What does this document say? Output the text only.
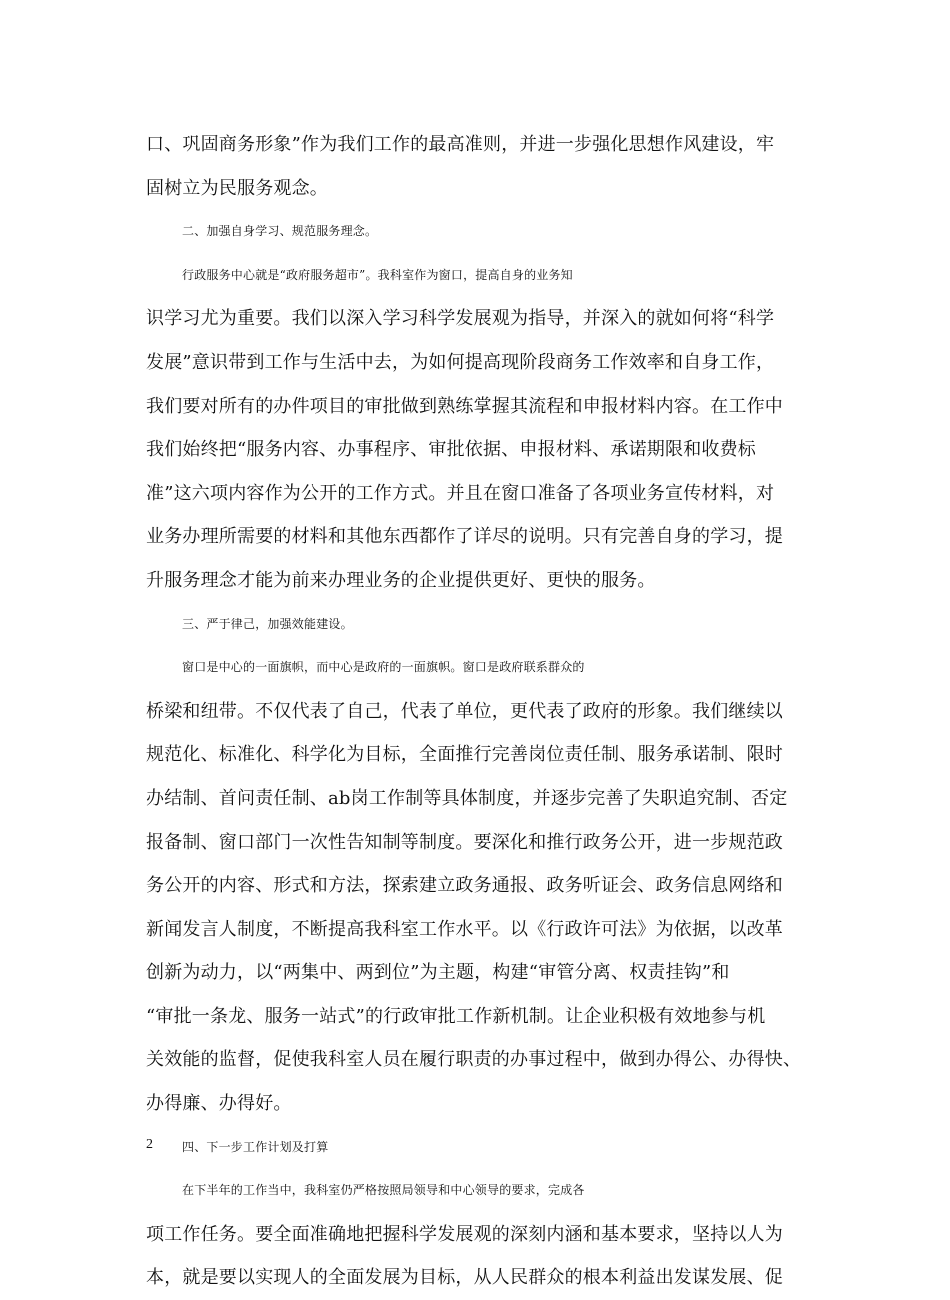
口、巩固商务形象”作为我们工作的最高准则，并进一步强化思想作风建设，牢
固树立为民服务观念。
二、加强自身学习、规范服务理念。
行政服务中心就是“政府服务超市”。我科室作为窗口，提高自身的业务知
识学习尤为重要。我们以深入学习科学发展观为指导，并深入的就如何将“科学
发展”意识带到工作与生活中去，为如何提高现阶段商务工作效率和自身工作，
我们要对所有的办件项目的审批做到熟练掌握其流程和申报材料内容。在工作中
我们始终把“服务内容、办事程序、审批依据、申报材料、承诺期限和收费标
准”这六项内容作为公开的工作方式。并且在窗口准备了各项业务宣传材料，对
业务办理所需要的材料和其他东西都作了详尽的说明。只有完善自身的学习，提
升服务理念才能为前来办理业务的企业提供更好、更快的服务。
三、严于律己，加强效能建设。
窗口是中心的一面旗帜，而中心是政府的一面旗帜。窗口是政府联系群众的
桥梁和纽带。不仅代表了自己，代表了单位，更代表了政府的形象。我们继续以
规范化、标准化、科学化为目标，全面推行完善岗位责任制、服务承诺制、限时
办结制、首问责任制、ab岗工作制等具体制度，并逐步完善了失职追究制、否定
报备制、窗口部门一次性告知制等制度。要深化和推行政务公开，进一步规范政
务公开的内容、形式和方法，探索建立政务通报、政务听证会、政务信息网络和
新闻发言人制度，不断提高我科室工作水平。以《行政许可法》为依据，以改革
创新为动力，以“两集中、两到位”为主题，构建“审管分离、权责挂钩”和
“审批一条龙、服务一站式”的行政审批工作新机制。让企业积极有效地参与机
关效能的监督，促使我科室人员在履行职责的办事过程中，做到办得公、办得快、
办得廉、办得好。
四、下一步工作计划及打算
在下半年的工作当中，我科室仍严格按照局领导和中心领导的要求，完成各
项工作任务。要全面准确地把握科学发展观的深刻内涵和基本要求，坚持以人为
本，就是要以实现人的全面发展为目标，从人民群众的根本利益出发谋发展、促
2
